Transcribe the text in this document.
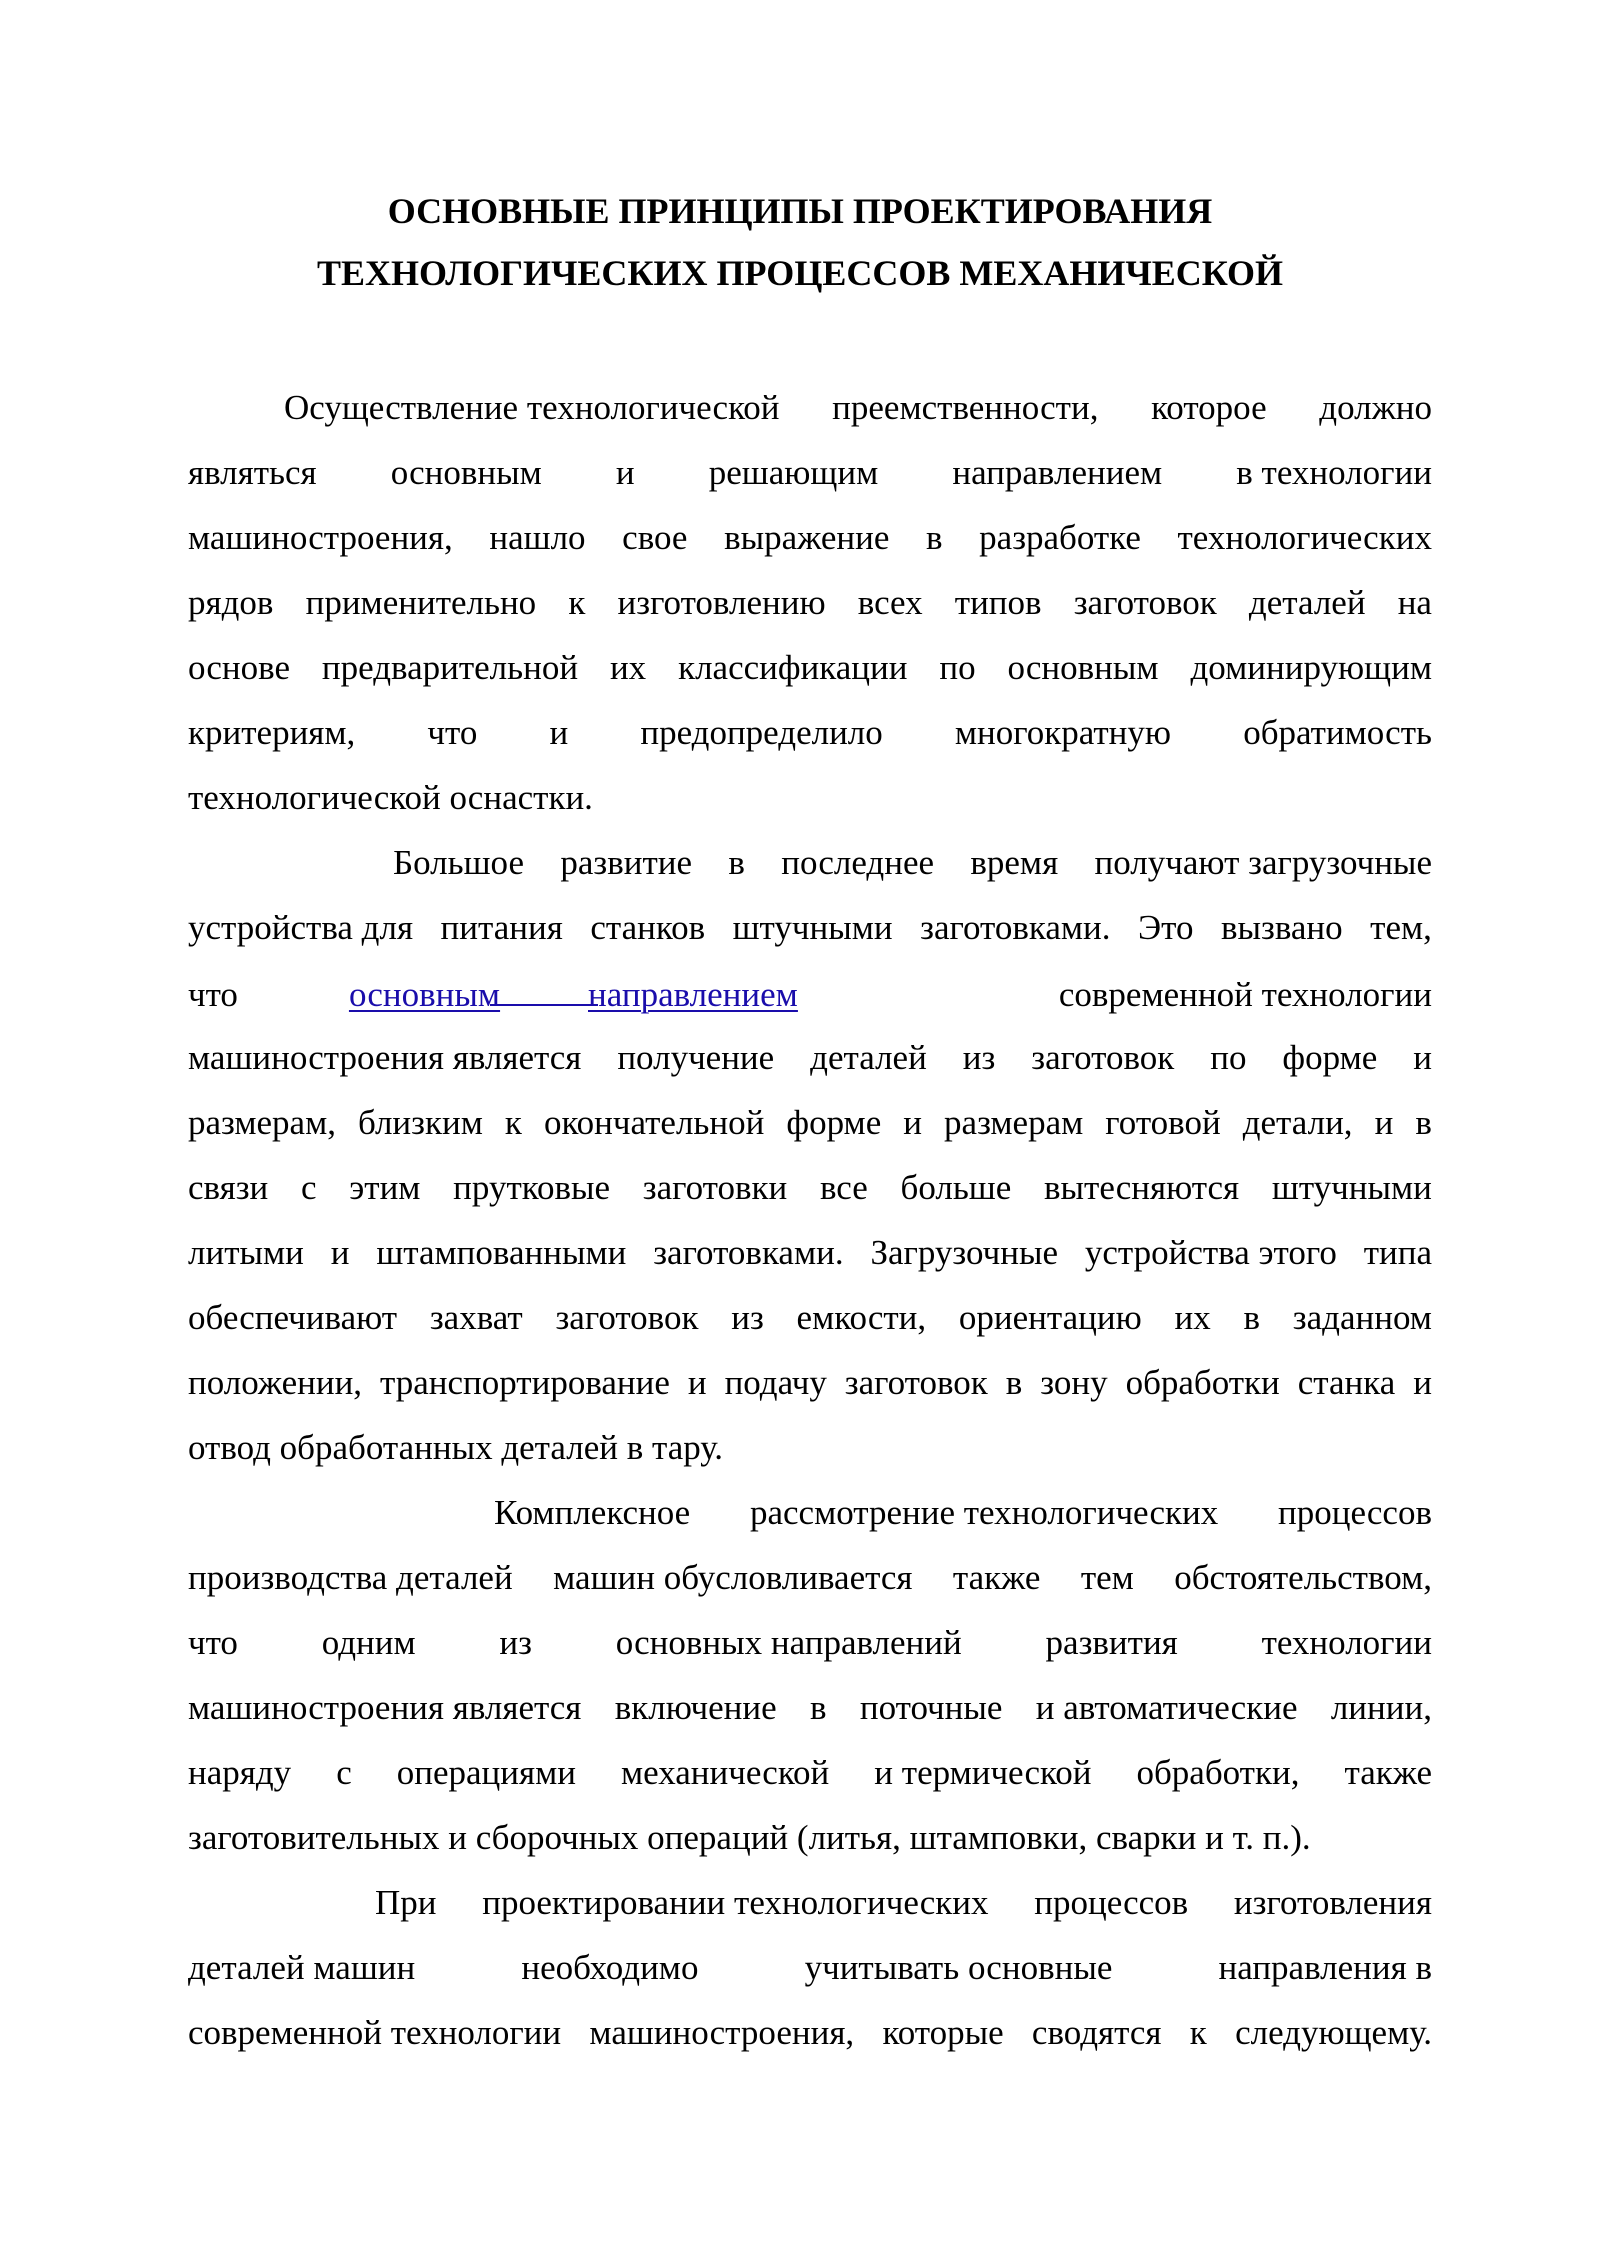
ОСНОВНЫЕ ПРИНЦИПЫ ПРОЕКТИРОВАНИЯ
ТЕХНОЛОГИЧЕСКИХ ПРОЦЕССОВ МЕХАНИЧЕСКОЙ
Осуществление технологической преемственности, которое должно
являться основным и решающим направлением в технологии
машиностроения, нашло свое выражение в разработке технологических
рядов применительно к изготовлению всех типов заготовок деталей на
основе предварительной их классификации по основным доминирующим
критериям, что и предопределило многократную обратимость
технологической оснастки.
Большое развитие в последнее время получают загрузочные
устройства для питания станков штучными заготовками. Это вызвано тем,
что	основным	направлением	современной технологии
машиностроения является получение деталей из заготовок по форме и
размерам, близким к окончательной форме и размерам готовой детали, и в
связи с этим прутковые заготовки все больше вытесняются штучными
литыми и штампованными заготовками. Загрузочные устройства этого типа
обеспечивают захват заготовок из емкости, ориентацию их в заданном
положении, транспортирование и подачу заготовок в зону обработки станка и
отвод обработанных деталей в тару.
Комплексное рассмотрение технологических процессов
производства деталей машин обусловливается также тем обстоятельством,
что одним из основных направлений развития технологии
машиностроения является включение в поточные и автоматические линии,
наряду с операциями механической и термической обработки, также
заготовительных и сборочных операций (литья, штамповки, сварки и т. п.).
При проектировании технологических процессов изготовления
деталей машин	необходимо	учитывать основные	направления в
современной технологии машиностроения, которые сводятся к следующему.
